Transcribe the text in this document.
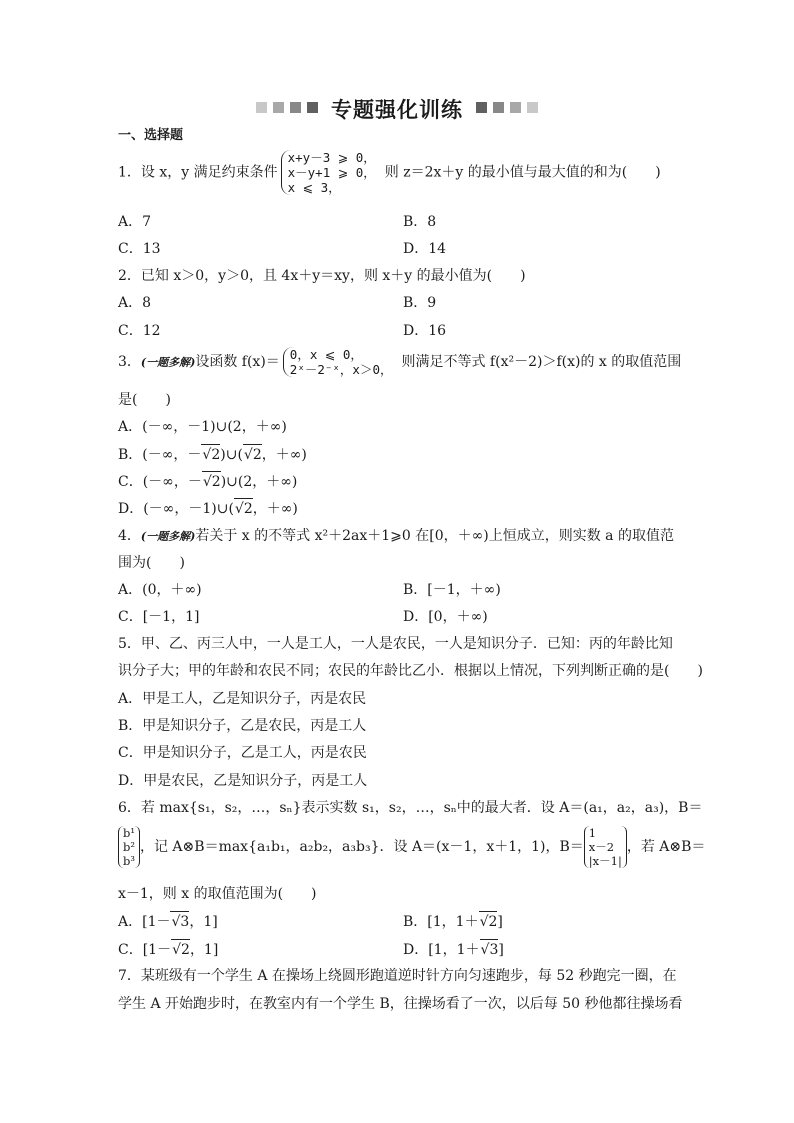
专题强化训练
一、选择题
1．设 x，y 满足约束条件
x+y－3 ⩾ 0，
x－y+1 ⩾ 0，
x ⩽ 3，
则 z＝2x＋y 的最小值与最大值的和为(　　)
A．7	B．8
C．13	D．14
2．已知 x＞0，y＞0，且 4x＋y＝xy，则 x＋y 的最小值为(　　)
A．8	B．9
C．12	D．16
3．(一题多解)设函数 f(x)＝ 0，x ⩽ 0，
2ˣ－2⁻ˣ，x＞0， 则满足不等式 f(x²－2)＞f(x)的 x 的取值范围
是(　　)
A．(－∞，－1)∪(2，＋∞)
B．(－∞，－ √ 2)∪( √ 2，＋∞)
C．(－∞，－ √ 2)∪(2，＋∞)
D．(－∞，－1)∪( √ 2，＋∞)
4．(一题多解)若关于 x 的不等式 x²＋2ax＋1⩾0 在[0，＋∞)上恒成立，则实数 a 的取值范
围为(　　)
A．(0，＋∞)	B．[－1，＋∞)
C．[－1，1]	D．[0，＋∞)
5．甲、乙、丙三人中，一人是工人，一人是农民，一人是知识分子．已知：丙的年龄比知
识分子大；甲的年龄和农民不同；农民的年龄比乙小．根据以上情况，下列判断正确的是(　　)
A．甲是工人，乙是知识分子，丙是农民
B．甲是知识分子，乙是农民，丙是工人
C．甲是知识分子，乙是工人，丙是农民
D．甲是农民，乙是知识分子，丙是工人
6．若 max{s₁，s₂，…，sₙ}表示实数 s₁，s₂，…，sₙ中的最大者．设 A＝(a₁，a₂，a₃)，B＝
b¹
b²
b³
，记 A⊗B＝max{a₁b₁，a₂b₂，a₃b₃}．设 A＝(x－1，x＋1，1)，B＝
1
x－2
|x－1|
，若 A⊗B＝
x－1，则 x 的取值范围为(　　)
A．[1－ √ 3，1]	B．[1，1＋ √ 2]
C．[1－ √ 2，1]	D．[1，1＋ √ 3]
7．某班级有一个学生 A 在操场上绕圆形跑道逆时针方向匀速跑步，每 52 秒跑完一圈，在
学生 A 开始跑步时，在教室内有一个学生 B，往操场看了一次，以后每 50 秒他都往操场看
